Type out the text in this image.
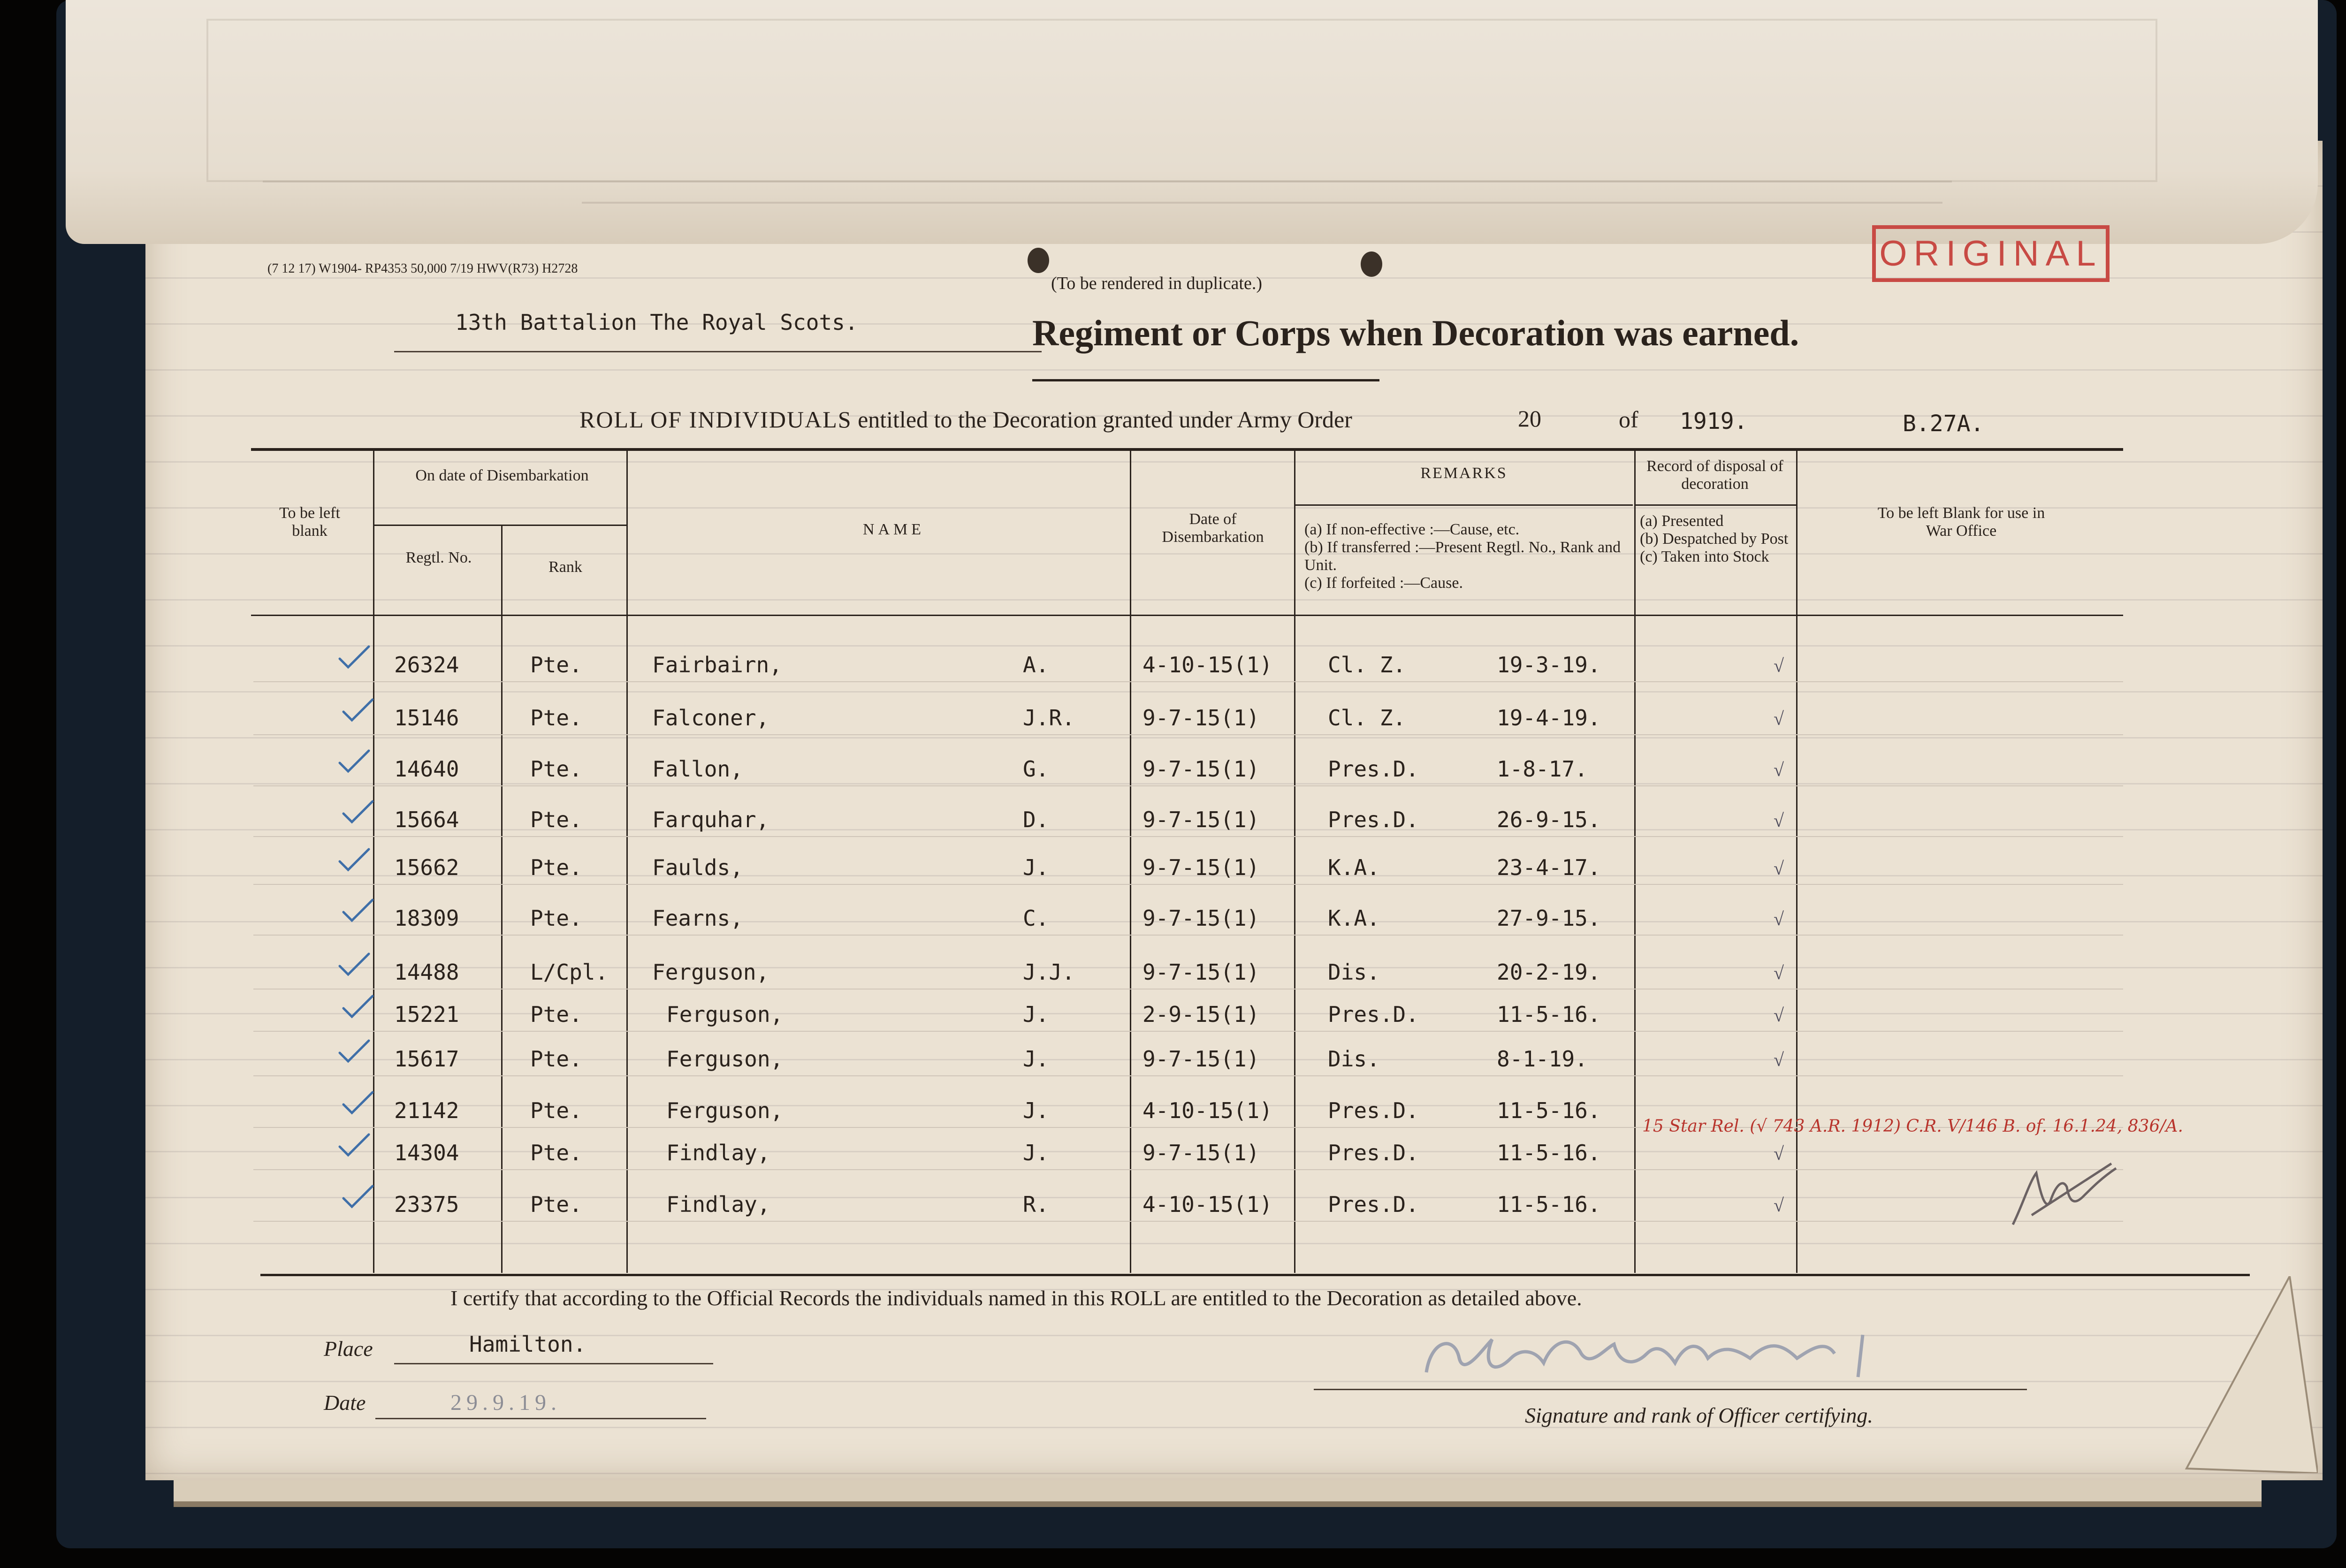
(7 12 17) W1904- RP4353 50,000 7/19 HWV(R73) H2728
(To be rendered in duplicate.)
ORIGINAL
13th Battalion The Royal Scots.	Regiment or Corps when Decoration was earned.
ROLL OF INDIVIDUALS entitled to the Decoration granted under Army Order	20	of 1919.	B.27A.
To be left blank
On date of Disembarkation
Regtl. No.
Rank
NAME
Date of Disembarkation
REMARKS
(a) If non-effective :—Cause, etc.
(b) If transferred :—Present Regtl. No., Rank and Unit.
(c) If forfeited :—Cause.
Record of disposal of decoration
(a) Presented
(b) Despatched by Post
(c) Taken into Stock
To be left Blank for use in War Office
26324	Pte.	Fairbairn,	A.	4-10-15(1)	Cl. Z.	19-3-19.	√
15146	Pte.	Falconer,	J.R.	9-7-15(1)	Cl. Z.	19-4-19.	√
14640	Pte.	Fallon,	G.	9-7-15(1)	Pres.D.	1-8-17.	√
15664	Pte.	Farquhar,	D.	9-7-15(1)	Pres.D.	26-9-15.	√
15662	Pte.	Faulds,	J.	9-7-15(1)	K.A.	23-4-17.	√
18309	Pte.	Fearns,	C.	9-7-15(1)	K.A.	27-9-15.	√
14488	L/Cpl. Ferguson,	J.J.	9-7-15(1)	Dis.	20-2-19.	√
15221	Pte.	Ferguson,	J.	2-9-15(1)	Pres.D.	11-5-16.	√
15617	Pte.	Ferguson,	J.	9-7-15(1)	Dis.	8-1-19.	√
21142	Pte.	Ferguson,	J.	4-10-15(1)	Pres.D.	11-5-16.
14304	Pte.	Findlay,	J.	9-7-15(1)	Pres.D.	11-5-16.	√
23375	Pte.	Findlay,	R.	4-10-15(1)	Pres.D.	11-5-16.	√
15 Star Rel. (√ 743 A.R. 1912) C.R. V/146 B. of. 16.1.24, 836/A.
I certify that according to the Official Records the individuals named in this ROLL are entitled to the Decoration as detailed above.
Place	Hamilton.
Date	29.9.19.
Signature and rank of Officer certifying.
